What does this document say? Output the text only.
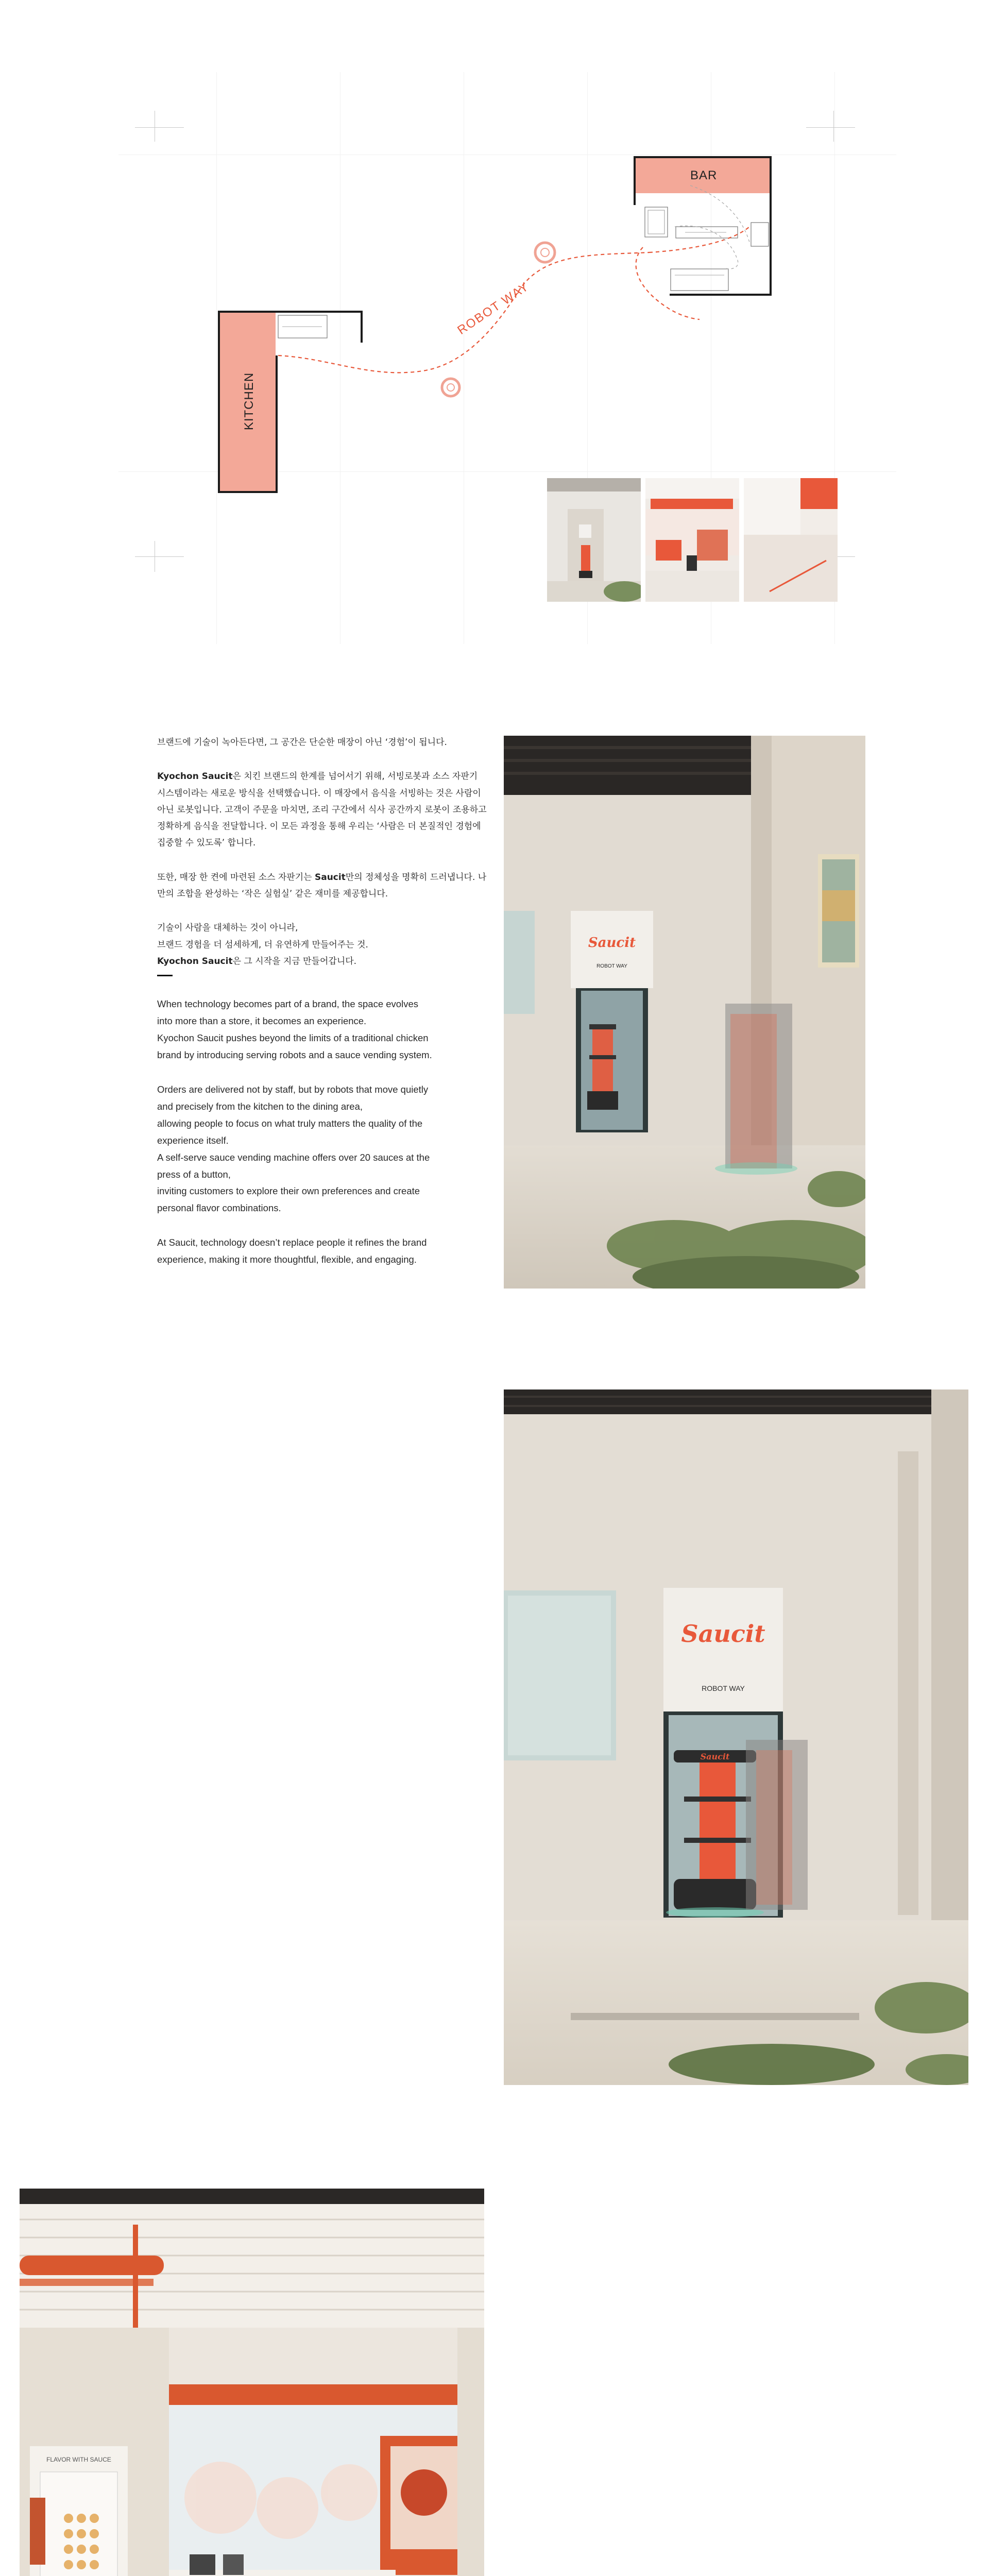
BAR
KITCHEN
ROBOT WAY

브랜드에 기술이 녹아든다면, 그 공간은 단순한 매장이 아닌 ‘경험’이 됩니다.

Kyochon Saucit은 치킨 브랜드의 한계를 넘어서기 위해, 서빙로봇과 소스 자판기 시스템이라는 새로운 방식을 선택했습니다. 이 매장에서 음식을 서빙하는 것은 사람이 아닌 로봇입니다. 고객이 주문을 마치면, 조리 구간에서 식사 공간까지 로봇이 조용하고 정확하게 음식을 전달합니다. 이 모든 과정을 통해 우리는 ‘사람은 더 본질적인 경험에 집중할 수 있도록’ 합니다.

또한, 매장 한 켠에 마련된 소스 자판기는 Saucit만의 정체성을 명확히 드러냅니다. 나만의 조합을 완성하는 ‘작은 실험실’ 같은 재미를 제공합니다.

기술이 사람을 대체하는 것이 아니라,
브랜드 경험을 더 섬세하게, 더 유연하게 만들어주는 것.
Kyochon Saucit은 그 시작을 지금 만들어갑니다.

When technology becomes part of a brand, the space evolves
into more than a store, it becomes an experience.
Kyochon Saucit pushes beyond the limits of a traditional chicken
brand by introducing serving robots and a sauce vending system.

Orders are delivered not by staff, but by robots that move quietly
and precisely from the kitchen to the dining area,
allowing people to focus on what truly matters the quality of the
experience itself.
A self-serve sauce vending machine offers over 20 sauces at the
press of a button,
inviting customers to explore their own preferences and create
personal flavor combinations.

At Saucit, technology doesn’t replace people it refines the brand
experience, making it more thoughtful, flexible, and engaging.

Saucit
ROBOT WAY
Saucit
ROBOT WAY
Saucit
FLAVOR WITH SAUCE
